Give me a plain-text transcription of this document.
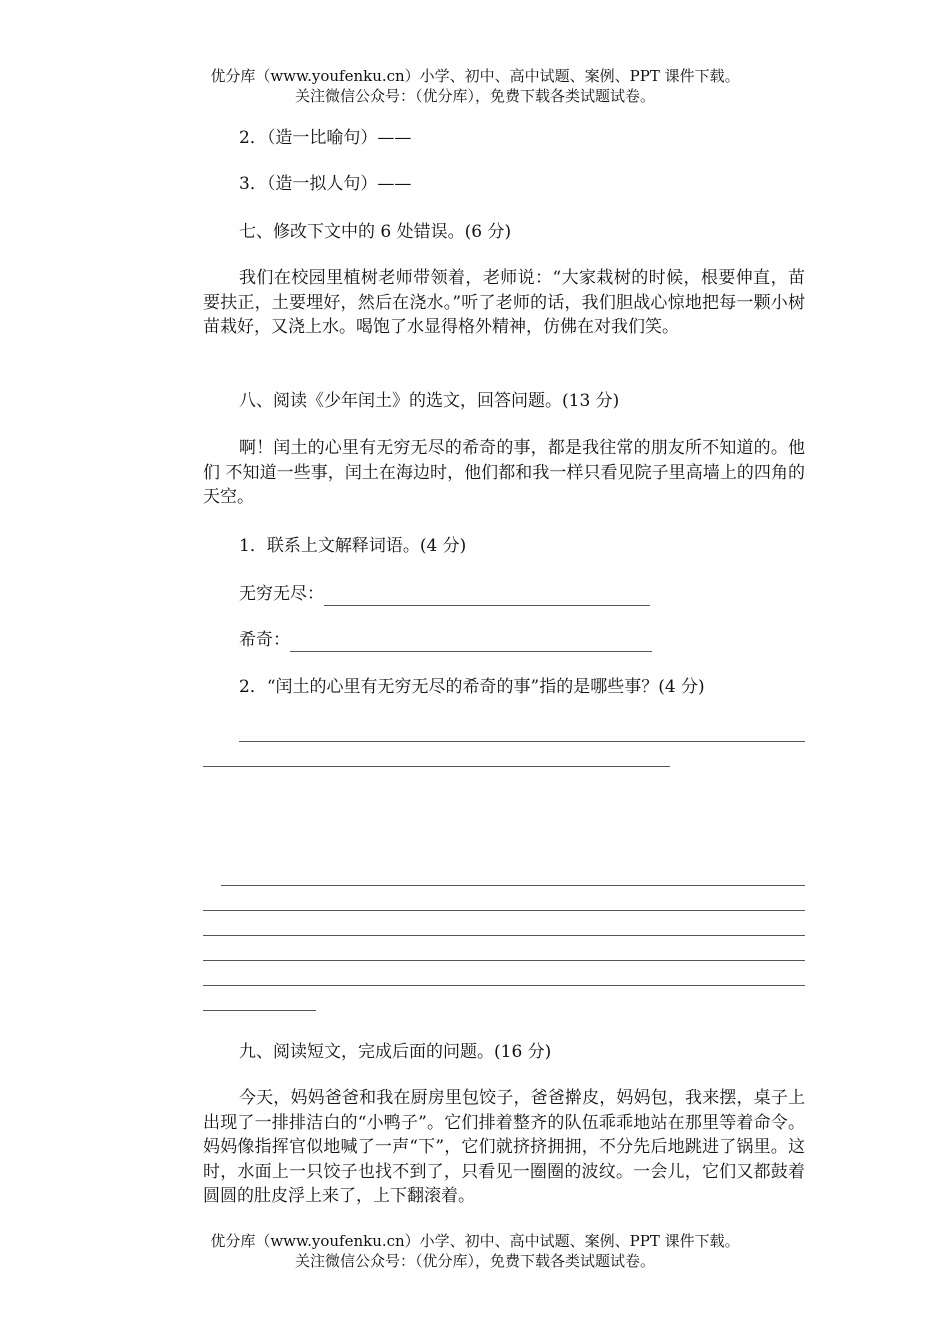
优分库（www.youfenku.cn）小学、初中、高中试题、案例、PPT 课件下载。
关注微信公众号：（优分库），免费下载各类试题试卷。
2．（造一比喻句）——
3．（造一拟人句）——
七、修改下文中的 6 处错误。(6 分)
我们在校园里植树老师带领着，老师说：“大家栽树的时候，根要伸直，苗要扶正，土要埋好，然后在浇水。”听了老师的话，我们胆战心惊地把每一颗小树苗栽好，又浇上水。喝饱了水显得格外精神，仿佛在对我们笑。
八、阅读《少年闰土》的选文，回答问题。(13 分)
啊！闰土的心里有无穷无尽的希奇的事，都是我往常的朋友所不知道的。他们 不知道一些事，闰土在海边时，他们都和我一样只看见院子里高墙上的四角的天空。
1．联系上文解释词语。(4 分)
无穷无尽：
希奇：
2．“闰土的心里有无穷无尽的希奇的事”指的是哪些事？(4 分)
九、阅读短文，完成后面的问题。(16 分)
今天，妈妈爸爸和我在厨房里包饺子，爸爸擀皮，妈妈包，我来摆，桌子上出现了一排排洁白的“小鸭子”。它们排着整齐的队伍乖乖地站在那里等着命令。妈妈像指挥官似地喊了一声“下”，它们就挤挤拥拥，不分先后地跳进了锅里。这时，水面上一只饺子也找不到了，只看见一圈圈的波纹。一会儿，它们又都鼓着圆圆的肚皮浮上来了，上下翻滚着。
优分库（www.youfenku.cn）小学、初中、高中试题、案例、PPT 课件下载。
关注微信公众号：（优分库），免费下载各类试题试卷。
